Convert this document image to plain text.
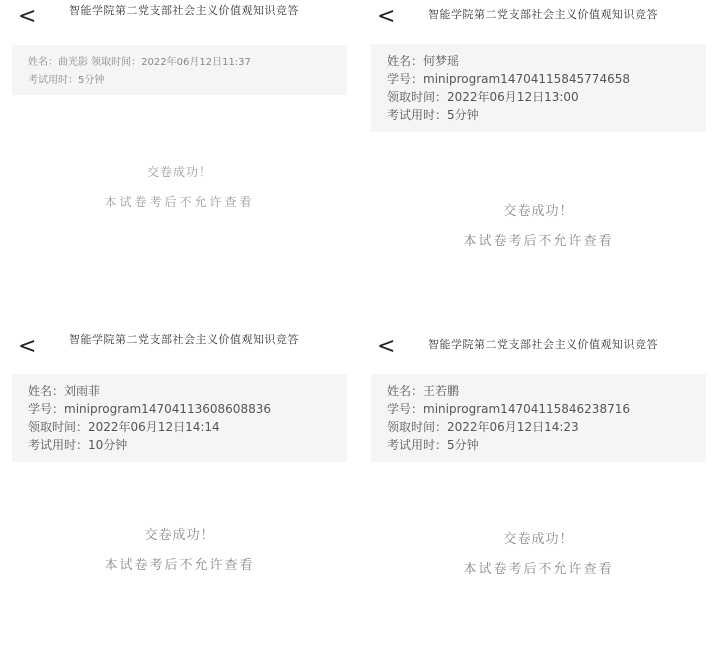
<	智能学院第二党支部社会主义价值观知识竞答
姓名：曲光影 领取时间：2022年06月12日11:37
考试用时：5分钟
交卷成功！
本试卷考后不允许查看
<	智能学院第二党支部社会主义价值观知识竞答
姓名：何梦瑶
学号：miniprogram14704115845774658
领取时间：2022年06月12日13:00
考试用时：5分钟
交卷成功！
本试卷考后不允许查看
<	智能学院第二党支部社会主义价值观知识竞答
姓名：刘雨菲
学号：miniprogram14704113608608836
领取时间：2022年06月12日14:14
考试用时：10分钟
交卷成功！
本试卷考后不允许查看
<	智能学院第二党支部社会主义价值观知识竞答
姓名：王若鹏
学号：miniprogram14704115846238716
领取时间：2022年06月12日14:23
考试用时：5分钟
交卷成功！
本试卷考后不允许查看
